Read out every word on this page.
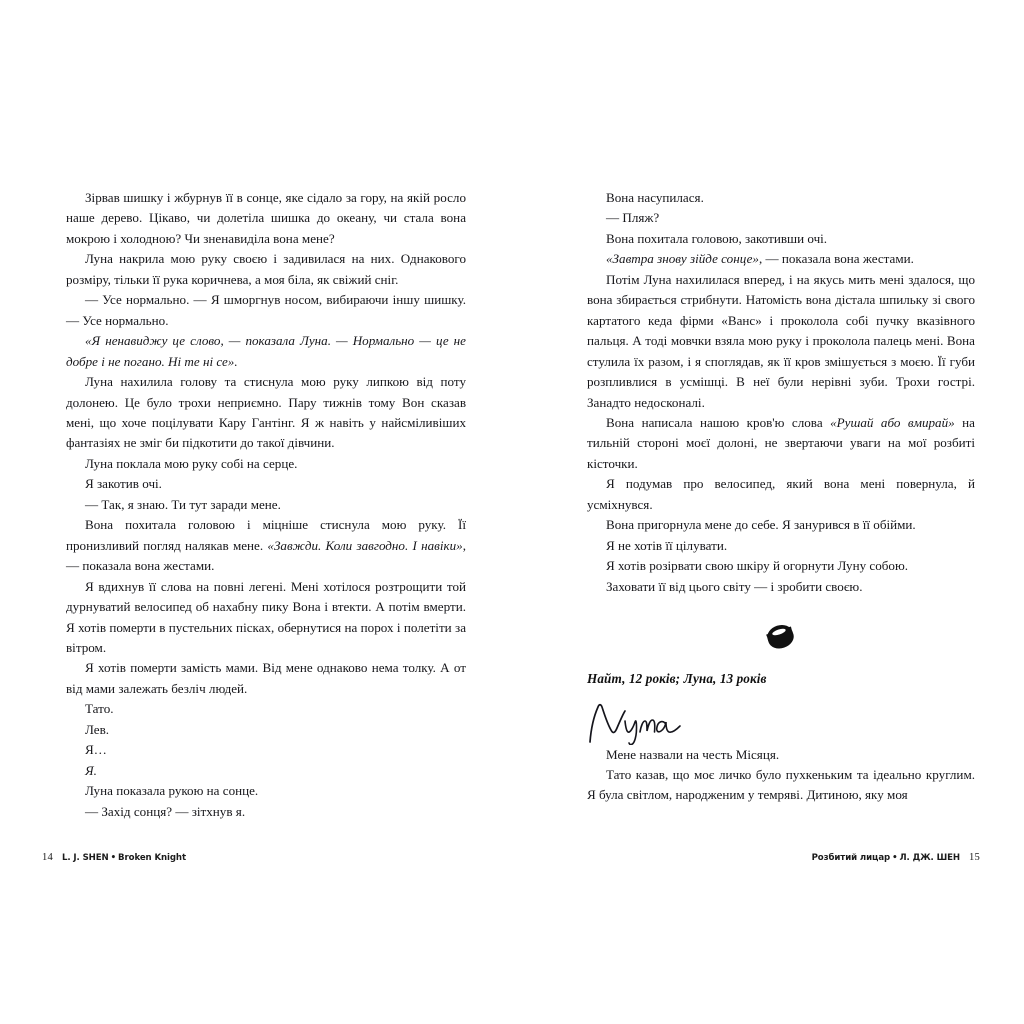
Зірвав шишку і жбурнув її в сонце, яке сідало за гору, на якій росло наше дерево. Цікаво, чи долетіла шишка до океану, чи стала вона мокрою і холодною? Чи зненавиділа вона мене?

Луна накрила мою руку своєю і задивилася на них. Однакового розміру, тільки її рука коричнева, а моя біла, як свіжий сніг.

— Усе нормально. — Я шморгнув носом, вибираючи іншу шишку. — Усе нормально.

«Я ненавиджу це слово, — показала Луна. — Нормально — це не добре і не погано. Ні те ні се».

Луна нахилила голову та стиснула мою руку липкою від поту долонею. Це було трохи неприємно. Пару тижнів тому Вон сказав мені, що хоче поцілувати Кару Гантінг. Я ж навіть у найсміливіших фантазіях не зміг би підкотити до такої дівчини.

Луна поклала мою руку собі на серце.

Я закотив очі.

— Так, я знаю. Ти тут заради мене.

Вона похитала головою і міцніше стиснула мою руку. Її пронизливий погляд налякав мене. «Завжди. Коли завгодно. І навіки», — показала вона жестами.

Я вдихнув її слова на повні легені. Мені хотілося розтрощити той дурнуватий велосипед об нахабну пику Вона і втекти. А потім вмерти. Я хотів померти в пустельних пісках, обернутися на порох і полетіти за вітром.

Я хотів померти замість мами. Від мене однаково нема толку. А от від мами залежать безліч людей.

Тато.

Лев.

Я…

Я.

Луна показала рукою на сонце.

— Захід сонця? — зітхнув я.

14 L. J. SHEN • Broken Knight

Вона насупилася.

— Пляж?

Вона похитала головою, закотивши очі.

«Завтра знову зійде сонце», — показала вона жестами.

Потім Луна нахилилася вперед, і на якусь мить мені здалося, що вона збирається стрибнути. Натомість вона дістала шпильку зі свого картатого кеда фірми «Ванс» і проколола собі пучку вказівного пальця. А тоді мовчки взяла мою руку і проколола палець мені. Вона стулила їх разом, і я споглядав, як її кров змішується з моєю. Її губи розпливлися в усмішці. В неї були нерівні зуби. Трохи гострі. Занадто недосконалі.

Вона написала нашою кров'ю слова «Рушай або вмирай» на тильній стороні моєї долоні, не звертаючи уваги на мої розбиті кісточки.

Я подумав про велосипед, який вона мені повернула, й усміхнувся.

Вона пригорнула мене до себе. Я занурився в її обійми.

Я не хотів її цілувати.

Я хотів розірвати свою шкіру й огорнути Луну собою.

Заховати її від цього світу — і зробити своєю.

Найт, 12 років; Луна, 13 років

Мене назвали на честь Місяця.

Тато казав, що моє личко було пухкеньким та ідеально круглим. Я була світлом, народженим у темряві. Дитиною, яку моя

Розбитий лицар • Л. ДЖ. ШЕН 15
